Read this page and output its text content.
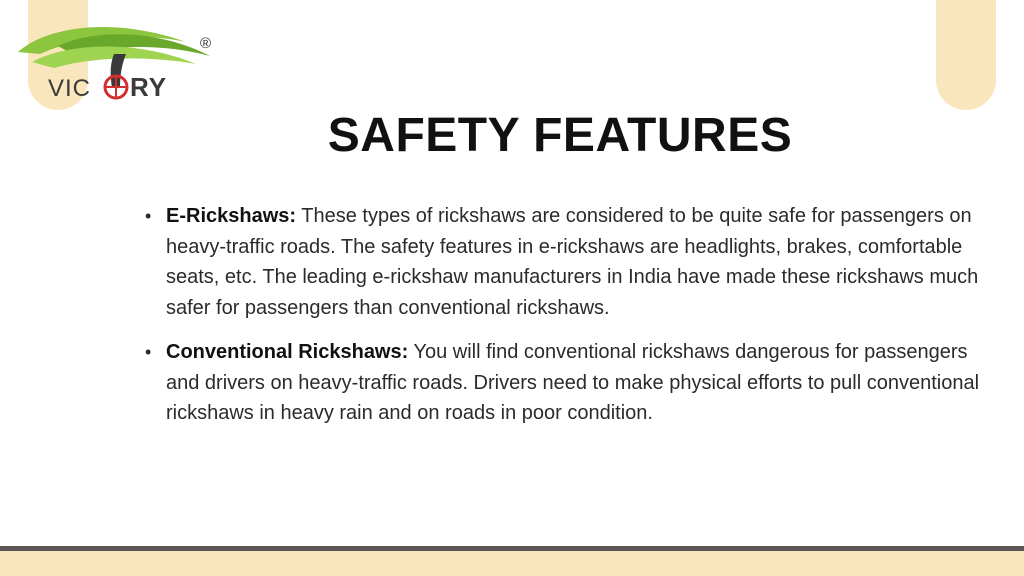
®
VIC RY
SAFETY FEATURES

• E-Rickshaws: These types of rickshaws are considered to be quite safe for passengers on heavy-traffic roads. The safety features in e-rickshaws are headlights, brakes, comfortable seats, etc. The leading e-rickshaw manufacturers in India have made these rickshaws much safer for passengers than conventional rickshaws.

• Conventional Rickshaws: You will find conventional rickshaws dangerous for passengers and drivers on heavy-traffic roads. Drivers need to make physical efforts to pull conventional rickshaws in heavy rain and on roads in poor condition.
